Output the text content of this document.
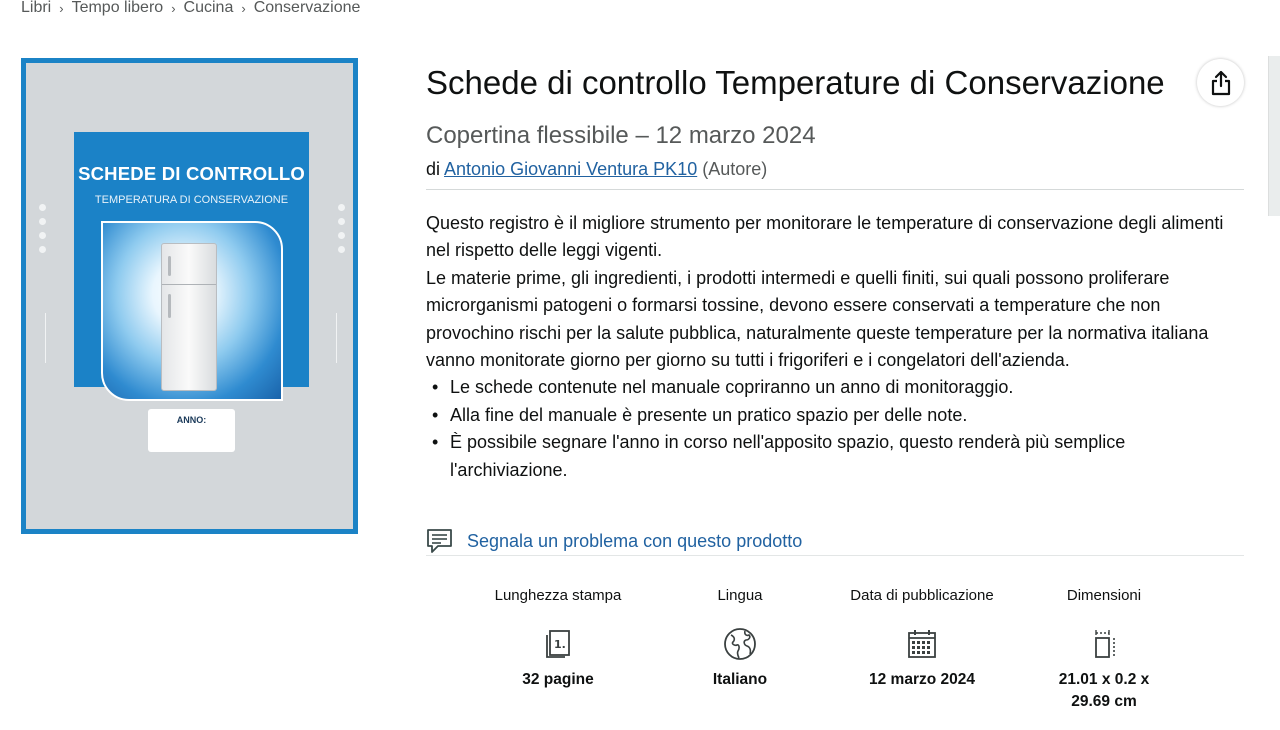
Libri › Tempo libero › Cucina › Conservazione
SCHEDE DI CONTROLLO
TEMPERATURA DI CONSERVAZIONE
ANNO:
Schede di controllo Temperature di Conservazione
Copertina flessibile – 12 marzo 2024
di Antonio Giovanni Ventura PK10 (Autore)

Questo registro è il migliore strumento per monitorare le temperature di conservazione degli alimenti nel rispetto delle leggi vigenti.

Le materie prime, gli ingredienti, i prodotti intermedi e quelli finiti, sui quali possono proliferare microrganismi patogeni o formarsi tossine, devono essere conservati a temperature che non provochino rischi per la salute pubblica, naturalmente queste temperature per la normativa italiana vanno monitorate giorno per giorno su tutti i frigoriferi e i congelatori dell'azienda.

• Le schede contenute nel manuale copriranno un anno di monitoraggio.
• Alla fine del manuale è presente un pratico spazio per delle note.
• È possibile segnare l'anno in corso nell'apposito spazio, questo renderà più semplice l'archiviazione.
Segnala un problema con questo prodotto
Lunghezza stampa
1.
32 pagine
Lingua
Italiano
Data di pubblicazione
12 marzo 2024
Dimensioni
21.01 x 0.2 x 29.69 cm
